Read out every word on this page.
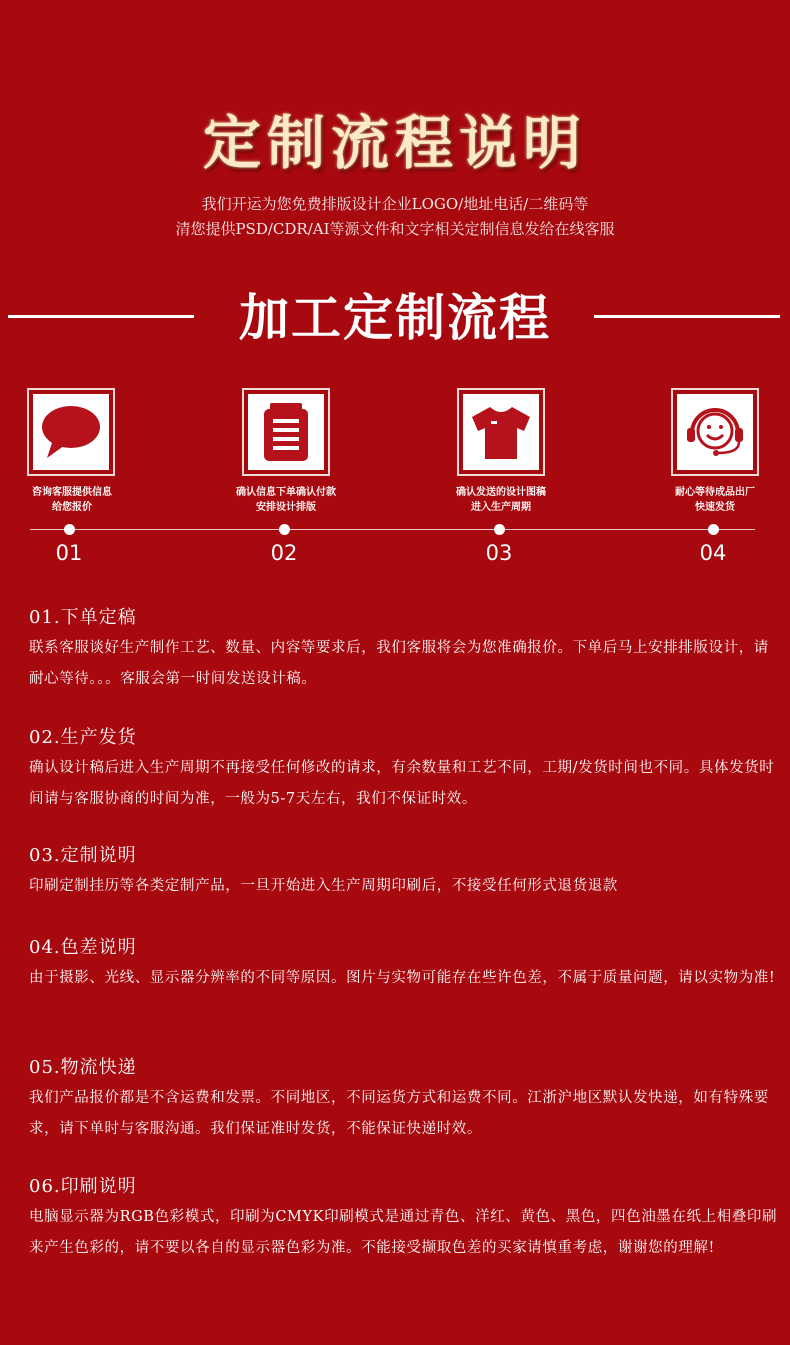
定制流程说明
我们开运为您免费排版设计企业LOGO/地址电话/二维码等
清您提供PSD/CDR/AI等源文件和文字相关定制信息发给在线客服
加工定制流程
咨询客服提供信息
给您报价
确认信息下单确认付款
安排设计排版
确认发送的设计图稿
进入生产周期
耐心等待成品出厂
快速发货
01	02	03	04
01.下单定稿

联系客服谈好生产制作工艺、数量、内容等要求后，我们客服将会为您准确报价。下单后马上安排排版设计，请耐心等待。。。客服会第一时间发送设计稿。

02.生产发货

确认设计稿后进入生产周期不再接受任何修改的请求，有余数量和工艺不同，工期/发货时间也不同。具体发货时间请与客服协商的时间为准，一般为5-7天左右，我们不保证时效。

03.定制说明

印刷定制挂历等各类定制产品，一旦开始进入生产周期印刷后，不接受任何形式退货退款

04.色差说明

由于摄影、光线、显示器分辨率的不同等原因。图片与实物可能存在些许色差，不属于质量问题，请以实物为准!

05.物流快递

我们产品报价都是不含运费和发票。不同地区，不同运货方式和运费不同。江浙沪地区默认发快递，如有特殊要求，请下单时与客服沟通。我们保证准时发货，不能保证快递时效。

06.印刷说明

电脑显示器为RGB色彩模式，印刷为CMYK印刷模式是通过青色、洋红、黄色、黑色，四色油墨在纸上相叠印刷来产生色彩的，请不要以各自的显示器色彩为准。不能接受撷取色差的买家请慎重考虑，谢谢您的理解!
